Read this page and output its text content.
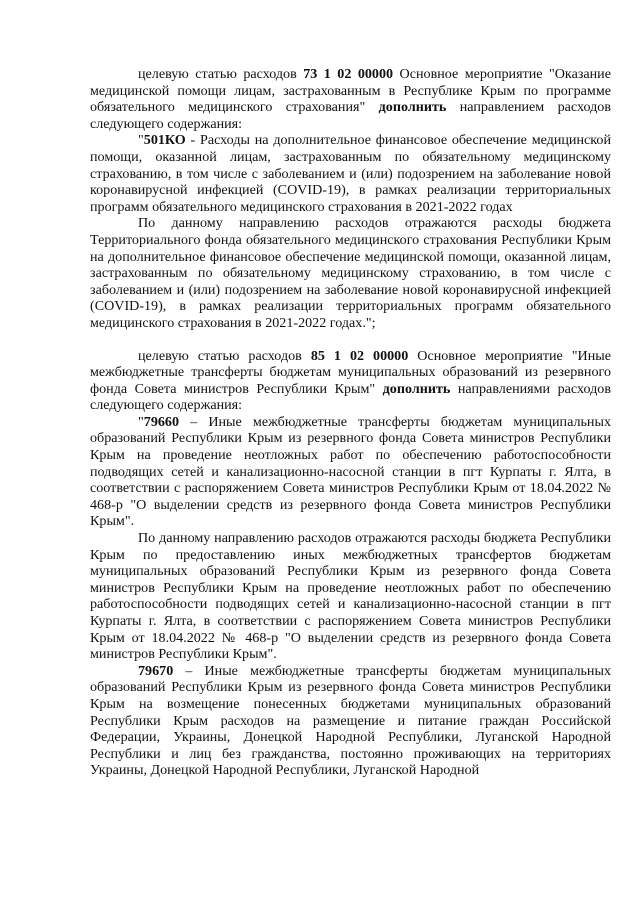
целевую статью расходов 73 1 02 00000 Основное мероприятие "Оказание медицинской помощи лицам, застрахованным в Республике Крым по программе обязательного медицинского страхования" дополнить направлением расходов следующего содержания:

"501КО - Расходы на дополнительное финансовое обеспечение медицинской помощи, оказанной лицам, застрахованным по обязательному медицинскому страхованию, в том числе с заболеванием и (или) подозрением на заболевание новой коронавирусной инфекцией (COVID-19), в рамках реализации территориальных программ обязательного медицинского страхования в 2021-2022 годах

По данному направлению расходов отражаются расходы бюджета Территориального фонда обязательного медицинского страхования Республики Крым на дополнительное финансовое обеспечение медицинской помощи, оказанной лицам, застрахованным по обязательному медицинскому страхованию, в том числе с заболеванием и (или) подозрением на заболевание новой коронавирусной инфекцией (COVID-19), в рамках реализации территориальных программ обязательного медицинского страхования в 2021-2022 годах.";

целевую статью расходов 85 1 02 00000 Основное мероприятие "Иные межбюджетные трансферты бюджетам муниципальных образований из резервного фонда Совета министров Республики Крым" дополнить направлениями расходов следующего содержания:

"79660 – Иные межбюджетные трансферты бюджетам муниципальных образований Республики Крым из резервного фонда Совета министров Республики Крым на проведение неотложных работ по обеспечению работоспособности подводящих сетей и канализационно-насосной станции в пгт Курпаты г. Ялта, в соответствии с распоряжением Совета министров Республики Крым от 18.04.2022 № 468-р "О выделении средств из резервного фонда Совета министров Республики Крым".

По данному направлению расходов отражаются расходы бюджета Республики Крым по предоставлению иных межбюджетных трансфертов бюджетам муниципальных образований Республики Крым из резервного фонда Совета министров Республики Крым на проведение неотложных работ по обеспечению работоспособности подводящих сетей и канализационно-насосной станции в пгт Курпаты г. Ялта, в соответствии с распоряжением Совета министров Республики Крым от 18.04.2022 № 468-р "О выделении средств из резервного фонда Совета министров Республики Крым".

79670 – Иные межбюджетные трансферты бюджетам муниципальных образований Республики Крым из резервного фонда Совета министров Республики Крым на возмещение понесенных бюджетами муниципальных образований Республики Крым расходов на размещение и питание граждан Российской Федерации, Украины, Донецкой Народной Республики, Луганской Народной Республики и лиц без гражданства, постоянно проживающих на территориях Украины, Донецкой Народной Республики, Луганской Народной
